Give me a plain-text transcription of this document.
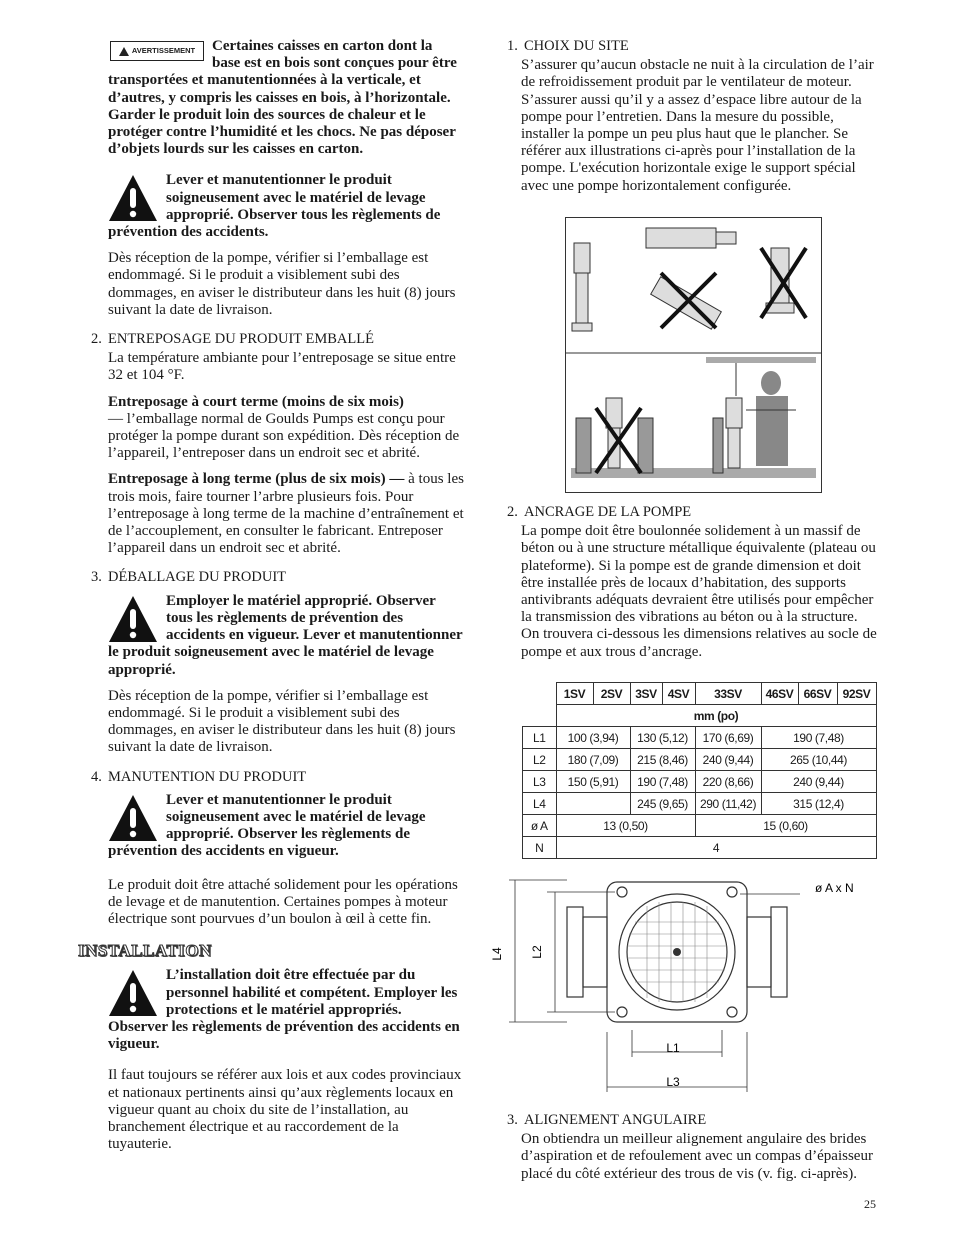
AVERTISSEMENT	Certaines caisses en carton dont la base est en bois sont conçues pour être transportées et manutentionnées à la verticale, et d’autres, y compris les caisses en bois, à l’horizontale. Garder le produit loin des sources de chaleur et le protéger contre l’humidité et les chocs. Ne pas déposer d’objets lourds sur les caisses en carton.

Lever et manutentionner le produit soigneusement avec le matériel de levage approprié. Observer tous les règlements de prévention des accidents.

Dès réception de la pompe, vérifier si l’emballage est endommagé. Si le produit a visiblement subi des dommages, en aviser le distributeur dans les huit (8) jours suivant la date de livraison.

2. ENTREPOSAGE DU PRODUIT EMBALLÉ

La température ambiante pour l’entreposage se situe entre 32 et 104 °F.

Entreposage à court terme (moins de six mois)
— l’emballage normal de Goulds Pumps est conçu pour protéger la pompe durant son expédition. Dès réception de l’appareil, l’entreposer dans un endroit sec et abrité.

Entreposage à long terme (plus de six mois) — à tous les trois mois, faire tourner l’arbre plusieurs fois. Pour l’entreposage à long terme de la machine d’entraînement et de l’accouplement, en consulter le fabricant. Entreposer l’appareil dans un endroit sec et abrité.

3. DÉBALLAGE DU PRODUIT

Employer le matériel approprié. Observer tous les règlements de prévention des accidents en vigueur. Lever et manutentionner le produit soigneusement avec le matériel de levage approprié.

Dès réception de la pompe, vérifier si l’emballage est endommagé. Si le produit a visiblement subi des dommages, en aviser le distributeur dans les huit (8) jours suivant la date de livraison.

4. MANUTENTION DU PRODUIT

Lever et manutentionner le produit soigneusement avec le matériel de levage approprié. Observer les règlements de prévention des accidents en vigueur.

Le produit doit être attaché solidement pour les opérations de levage et de manutention. Certaines pompes à moteur électrique sont pourvues d’un boulon à œil à cette fin.

INSTALLATION

L’installation doit être effectuée par du personnel habilité et compétent. Employer les protections et le matériel appropriés. Observer les règlements de prévention des accidents en vigueur.

Il faut toujours se référer aux lois et aux codes provinciaux et nationaux pertinents ainsi qu’aux règlements locaux en vigueur quant au choix du site de l’installation, au branchement électrique et au raccordement de la tuyauterie.

1. CHOIX DU SITE

S’assurer qu’aucun obstacle ne nuit à la circulation de l’air de refroidissement produit par le ventilateur de moteur. S’assurer aussi qu’il y a assez d’espace libre autour de la pompe pour l’entretien. Dans la mesure du possible, installer la pompe un peu plus haut que le plancher. Se référer aux illustrations ci-après pour l’installation de la pompe. L'exécution horizontale exige le support spécial avec une pompe horizontalement configurée.

2. ANCRAGE DE LA POMPE

La pompe doit être boulonnée solidement à un massif de béton ou à une structure métallique équivalente (plateau ou plateforme). Si la pompe est de grande dimension et doit être installée près de locaux d’habitation, des supports antivibrants adéquats devraient être utilisés pour empêcher la transmission des vibrations au béton ou à la structure. On trouvera ci-dessous les dimensions relatives au socle de pompe et aux trous d’ancrage.

	1SV	2SV	3SV	4SV	33SV	46SV	66SV	92SV
	mm (po)							
L1	100 (3,94)		130 (5,12)		170 (6,69)	190 (7,48)		
L2	180 (7,09)		215 (8,46)		240 (9,44)	265 (10,44)		
L3	150 (5,91)		190 (7,48)		220 (8,66)	240 (9,44)		
L4			245 (9,65)		290 (11,42)	315 (12,4)		
ø A	13 (0,50)				15 (0,60)			
N	4							
L4 L2
L1
L3
ø A x N
3. ALIGNEMENT ANGULAIRE

On obtiendra un meilleur alignement angulaire des brides d’aspiration et de refoulement avec un compas d’épaisseur placé du côté extérieur des trous de vis (v. fig. ci-après).

25
